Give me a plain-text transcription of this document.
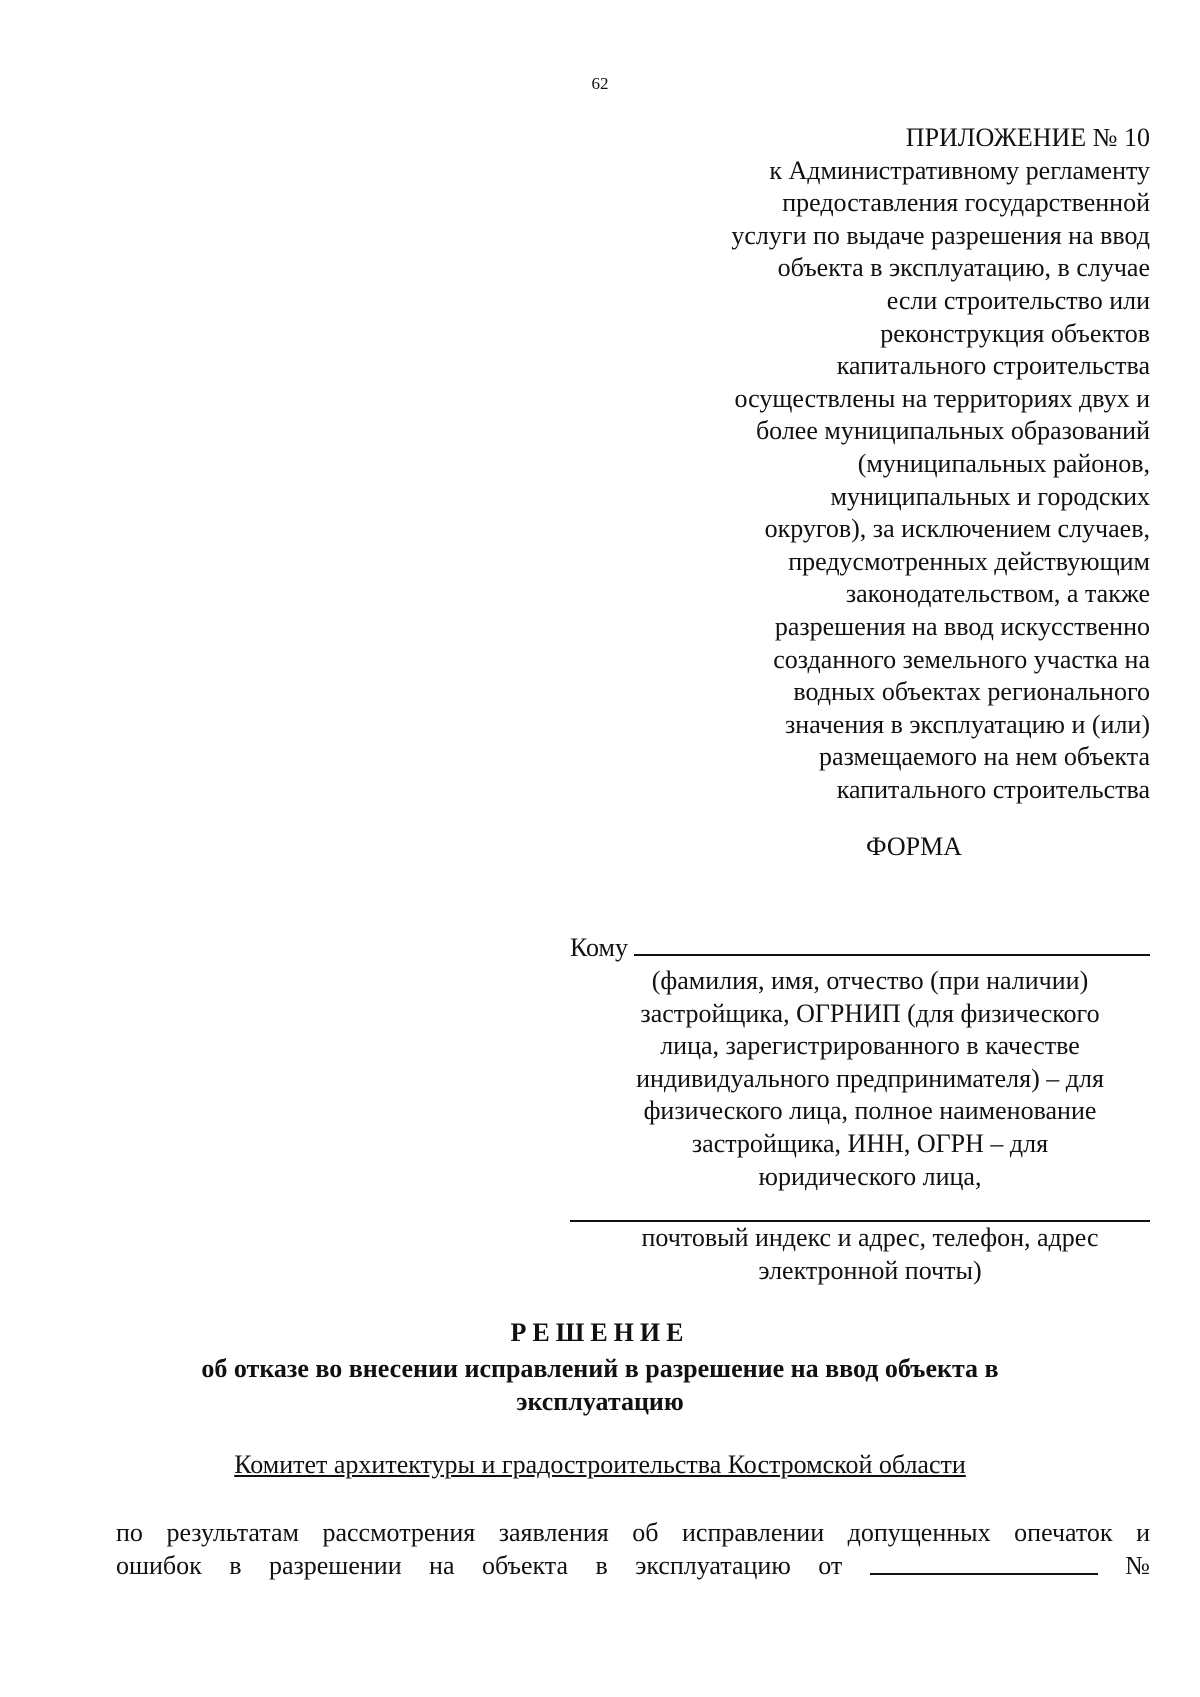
62
ПРИЛОЖЕНИЕ № 10
к Административному регламенту
предоставления государственной
услуги по выдаче разрешения на ввод
объекта в эксплуатацию, в случае
если строительство или
реконструкция объектов
капитального строительства
осуществлены на территориях двух и
более муниципальных образований
(муниципальных районов,
муниципальных и городских
округов), за исключением случаев,
предусмотренных действующим
законодательством, а также
разрешения на ввод искусственно
созданного земельного участка на
водных объектах регионального
значения в эксплуатацию и (или)
размещаемого на нем объекта
капитального строительства
ФОРМА
Кому
(фамилия, имя, отчество (при наличии)
застройщика, ОГРНИП (для физического
лица, зарегистрированного в качестве
индивидуального предпринимателя) – для
физического лица, полное наименование
застройщика, ИНН, ОГРН – для
юридического лица,
почтовый индекс и адрес, телефон, адрес
электронной почты)
РЕШЕНИЕ
об отказе во внесении исправлений в разрешение на ввод объекта в
эксплуатацию
Комитет архитектуры и градостроительства Костромской области
по результатам рассмотрения заявления об исправлении допущенных опечаток и
ошибок в разрешении на объекта в эксплуатацию от	№
